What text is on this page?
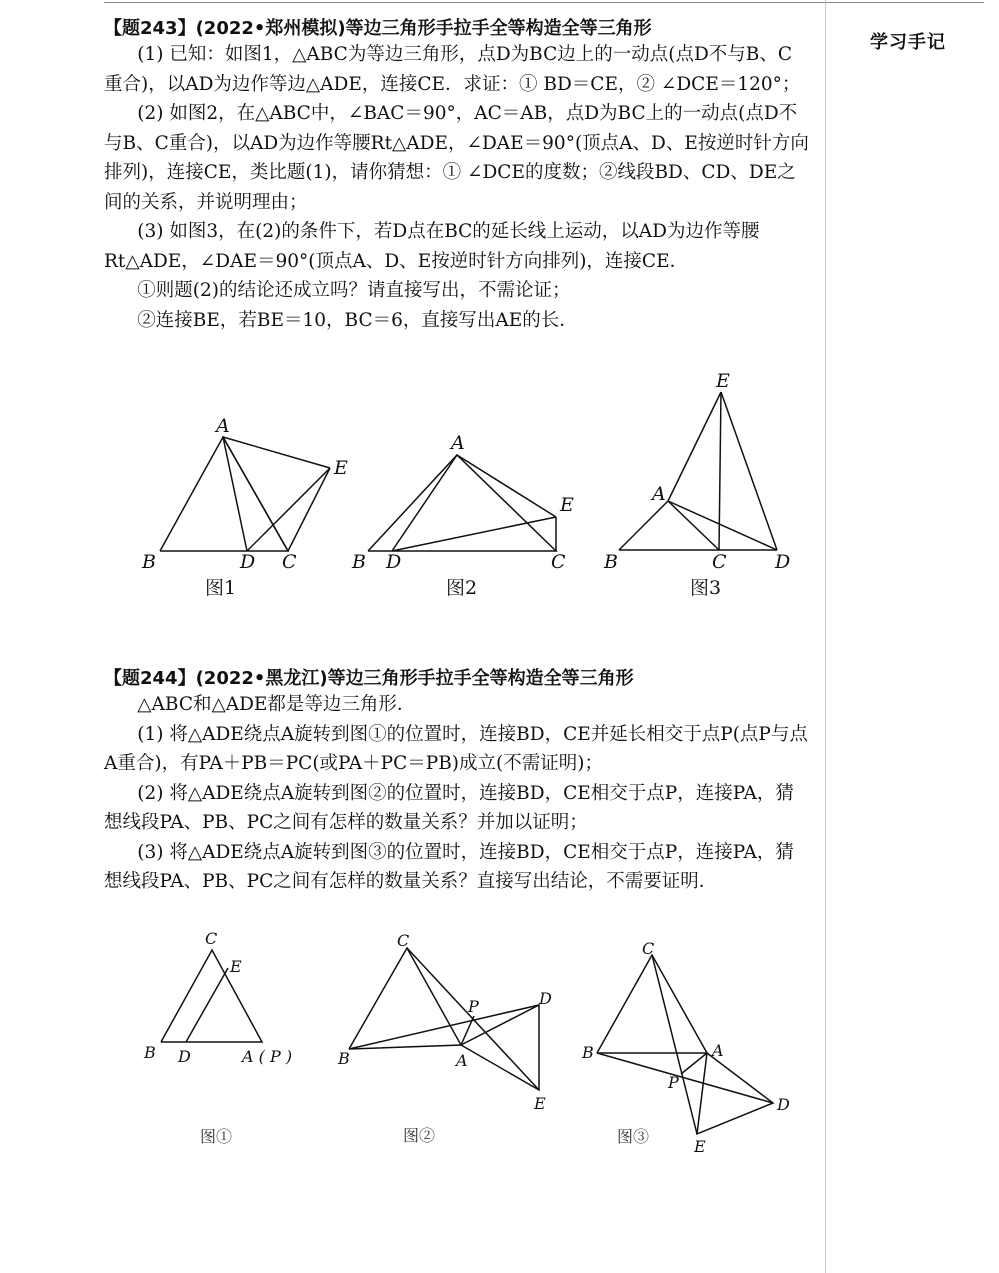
学习手记
【题243】(2022•郑州模拟)等边三角形手拉手全等构造全等三角形

(1) 已知：如图1，△ABC为等边三角形，点D为BC边上的一动点(点D不与B、C重合)，以AD为边作等边△ADE，连接CE．求证：① BD＝CE，② ∠DCE＝120°；

(2) 如图2，在△ABC中，∠BAC＝90°，AC＝AB，点D为BC上的一动点(点D不与B、C重合)，以AD为边作等腰Rt△ADE，∠DAE＝90°(顶点A、D、E按逆时针方向排列)，连接CE，类比题(1)，请你猜想：① ∠DCE的度数；②线段BD、CD、DE之间的关系，并说明理由；

(3) 如图3，在(2)的条件下，若D点在BC的延长线上运动，以AD为边作等腰Rt△ADE，∠DAE＝90°(顶点A、D、E按逆时针方向排列)，连接CE．

①则题(2)的结论还成立吗？请直接写出，不需论证；

②连接BE，若BE＝10，BC＝6，直接写出AE的长．

A
B	D C
E
图1
A
B D	C
E
图2
E
A
B	C	D
图3
【题244】(2022•黑龙江)等边三角形手拉手全等构造全等三角形

△ABC和△ADE都是等边三角形．

(1) 将△ADE绕点A旋转到图①的位置时，连接BD，CE并延长相交于点P(点P与点A重合)，有PA＋PB＝PC(或PA＋PC＝PB)成立(不需证明)；

(2) 将△ADE绕点A旋转到图②的位置时，连接BD，CE相交于点P，连接PA，猜想线段PA、PB、PC之间有怎样的数量关系？并加以证明；

(3) 将△ADE绕点A旋转到图③的位置时，连接BD，CE相交于点P，连接PA，猜想线段PA、PB、PC之间有怎样的数量关系？直接写出结论，不需要证明．

C
E
B D	A ( P )
图①
C
P	D
B	A
E
图②
C
B	A
P
D
E
图③
